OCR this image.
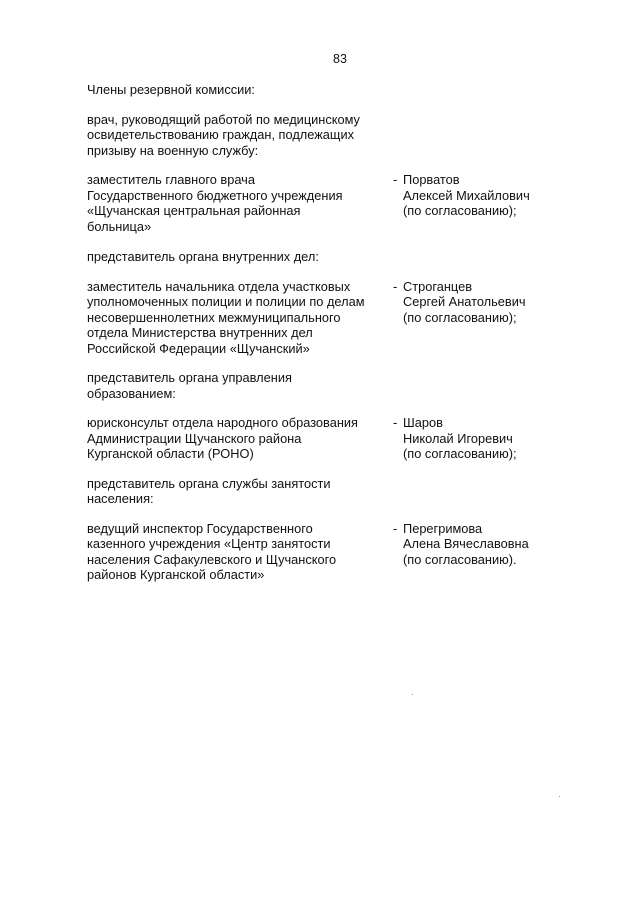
83

Члены резервной комиссии:

врач, руководящий работой по медицинскому
освидетельствованию граждан, подлежащих
призыву на военную службу:

заместитель главного врача
Государственного бюджетного учреждения
«Щучанская центральная районная
больница»
- Порватов
Алексей Михайлович
(по согласованию);

представитель органа внутренних дел:

заместитель начальника отдела участковых
уполномоченных полиции и полиции по делам
несовершеннолетних межмуниципального
отдела Министерства внутренних дел
Российской Федерации «Щучанский»
- Строганцев
Сергей Анатольевич
(по согласованию);

представитель органа управления
образованием:

юрисконсульт отдела народного образования
Администрации Щучанского района
Курганской области (РОНО)
- Шаров
Николай Игоревич
(по согласованию);

представитель органа службы занятости
населения:

ведущий инспектор Государственного
казенного учреждения «Центр занятости
населения Сафакулевского и Щучанского
районов Курганской области»
- Перегримова
Алена Вячеславовна
(по согласованию).
